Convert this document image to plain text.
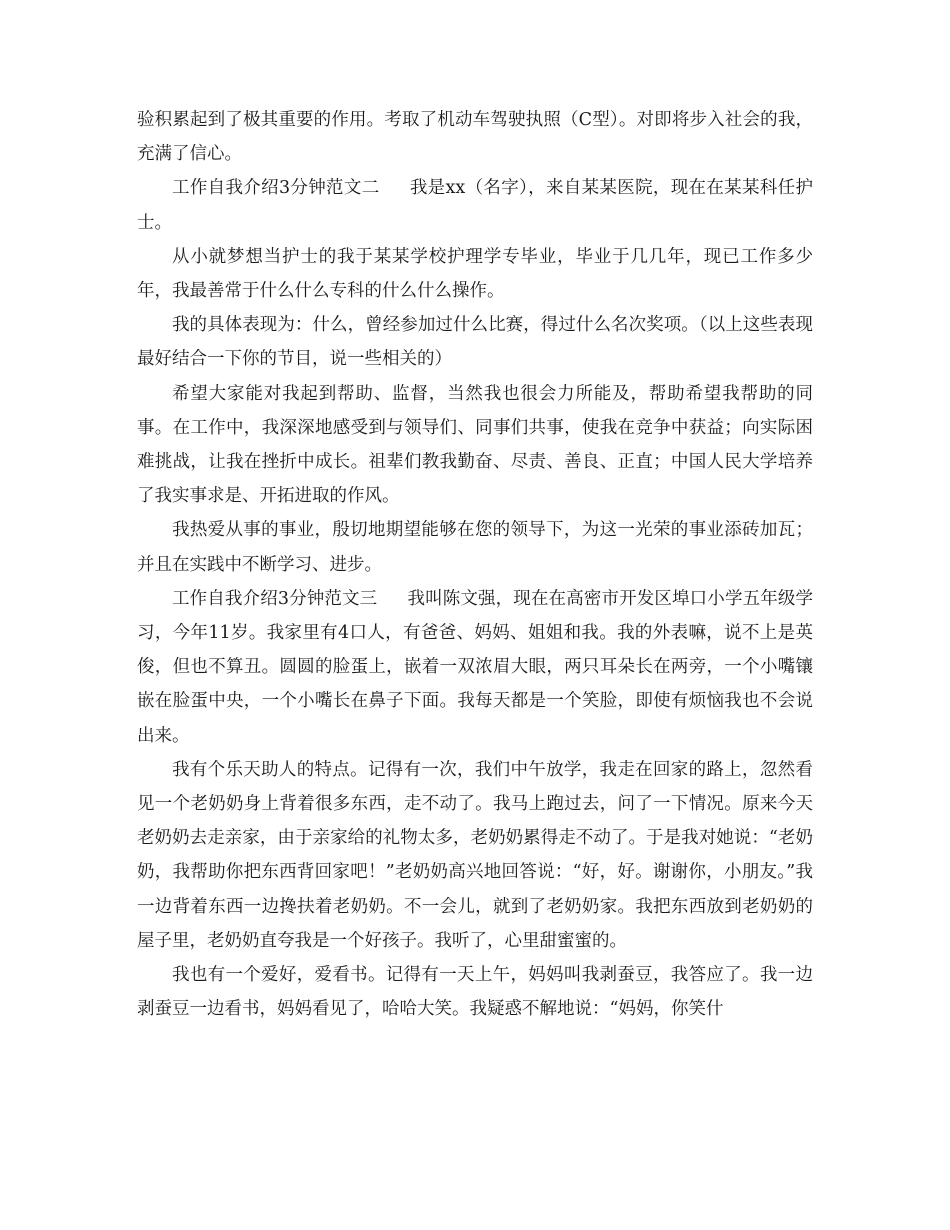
验积累起到了极其重要的作用。考取了机动车驾驶执照（C型）。对即将步入社会的我，充满了信心。

工作自我介绍3分钟范文二 我是xx（名字），来自某某医院，现在在某某科任护士。

从小就梦想当护士的我于某某学校护理学专毕业，毕业于几几年，现已工作多少年，我最善常于什么什么专科的什么什么操作。

我的具体表现为：什么，曾经参加过什么比赛，得过什么名次奖项。（以上这些表现最好结合一下你的节目，说一些相关的）

希望大家能对我起到帮助、监督，当然我也很会力所能及，帮助希望我帮助的同事。在工作中，我深深地感受到与领导们、同事们共事，使我在竞争中获益；向实际困难挑战，让我在挫折中成长。祖辈们教我勤奋、尽责、善良、正直；中国人民大学培养了我实事求是、开拓进取的作风。

我热爱从事的事业，殷切地期望能够在您的领导下，为这一光荣的事业添砖加瓦；并且在实践中不断学习、进步。

工作自我介绍3分钟范文三 我叫陈文强，现在在高密市开发区埠口小学五年级学习，今年11岁。我家里有4口人，有爸爸、妈妈、姐姐和我。我的外表嘛，说不上是英俊，但也不算丑。圆圆的脸蛋上，嵌着一双浓眉大眼，两只耳朵长在两旁，一个小嘴镶嵌在脸蛋中央，一个小嘴长在鼻子下面。我每天都是一个笑脸，即使有烦恼我也不会说出来。

我有个乐天助人的特点。记得有一次，我们中午放学，我走在回家的路上，忽然看见一个老奶奶身上背着很多东西，走不动了。我马上跑过去，问了一下情况。原来今天老奶奶去走亲家，由于亲家给的礼物太多，老奶奶累得走不动了。于是我对她说：“老奶奶，我帮助你把东西背回家吧！”老奶奶高兴地回答说：“好，好。谢谢你，小朋友。”我一边背着东西一边搀扶着老奶奶。不一会儿，就到了老奶奶家。我把东西放到老奶奶的屋子里，老奶奶直夸我是一个好孩子。我听了，心里甜蜜蜜的。

我也有一个爱好，爱看书。记得有一天上午，妈妈叫我剥蚕豆，我答应了。我一边剥蚕豆一边看书，妈妈看见了，哈哈大笑。我疑惑不解地说：“妈妈，你笑什
